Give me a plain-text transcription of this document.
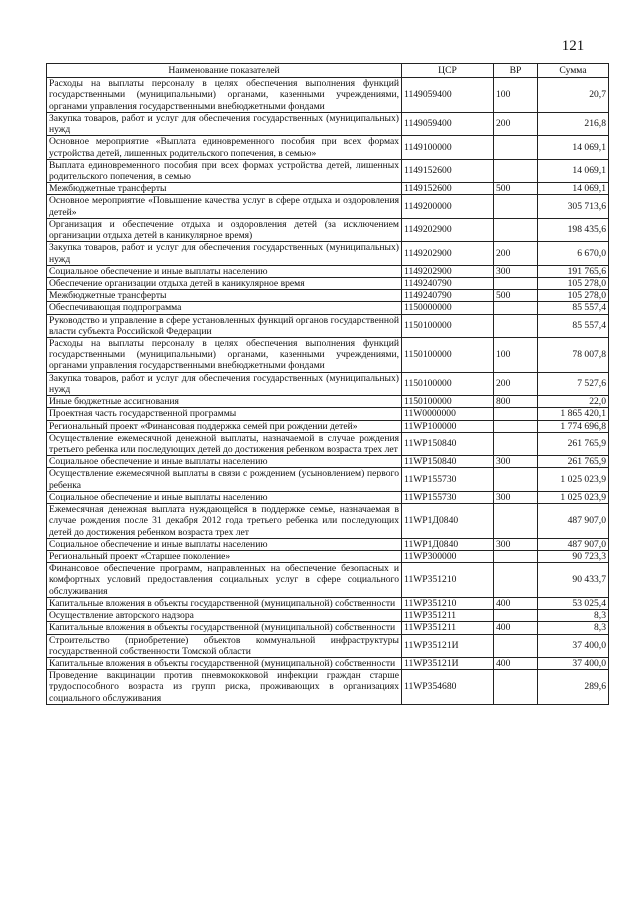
121
Наименование показателей	ЦСР	ВР	Сумма
Расходы на выплаты персоналу в целях обеспечения выполнения функций государственными (муниципальными) органами, казенными учреждениями, органами управления государственными внебюджетными фондами	1149059400	100	20,7
Закупка товаров, работ и услуг для обеспечения государственных (муниципальных) нужд	1149059400	200	216,8
Основное мероприятие «Выплата единовременного пособия при всех формах устройства детей, лишенных родительского попечения, в семью»	1149100000		14 069,1
Выплата единовременного пособия при всех формах устройства детей, лишенных родительского попечения, в семью	1149152600		14 069,1
Межбюджетные трансферты	1149152600	500	14 069,1
Основное мероприятие «Повышение качества услуг в сфере отдыха и оздоровления детей»	1149200000		305 713,6
Организация и обеспечение отдыха и оздоровления детей (за исключением организации отдыха детей в каникулярное время)	1149202900		198 435,6
Закупка товаров, работ и услуг для обеспечения государственных (муниципальных) нужд	1149202900	200	6 670,0
Социальное обеспечение и иные выплаты населению	1149202900	300	191 765,6
Обеспечение организации отдыха детей в каникулярное время	1149240790		105 278,0
Межбюджетные трансферты	1149240790	500	105 278,0
Обеспечивающая подпрограмма	1150000000		85 557,4
Руководство и управление в сфере установленных функций органов государственной власти субъекта Российской Федерации	1150100000		85 557,4
Расходы на выплаты персоналу в целях обеспечения выполнения функций государственными (муниципальными) органами, казенными учреждениями, органами управления государственными внебюджетными фондами	1150100000	100	78 007,8
Закупка товаров, работ и услуг для обеспечения государственных (муниципальных) нужд	1150100000	200	7 527,6
Иные бюджетные ассигнования	1150100000	800	22,0
Проектная часть государственной программы	11W0000000		1 865 420,1
Региональный проект «Финансовая поддержка семей при рождении детей»	11WP100000		1 774 696,8
Осуществление ежемесячной денежной выплаты, назначаемой в случае рождения третьего ребенка или последующих детей до достижения ребенком возраста трех лет	11WP150840		261 765,9
Социальное обеспечение и иные выплаты населению	11WP150840	300	261 765,9
Осуществление ежемесячной выплаты в связи с рождением (усыновлением) первого ребенка	11WP155730		1 025 023,9
Социальное обеспечение и иные выплаты населению	11WP155730	300	1 025 023,9
Ежемесячная денежная выплата нуждающейся в поддержке семье, назначаемая в случае рождения после 31 декабря 2012 года третьего ребенка или последующих детей до достижения ребенком возраста трех лет	11WP1Д0840		487 907,0
Социальное обеспечение и иные выплаты населению	11WP1Д0840	300	487 907,0
Региональный проект «Старшее поколение»	11WP300000		90 723,3
Финансовое обеспечение программ, направленных на обеспечение безопасных и комфортных условий предоставления социальных услуг в сфере социального обслуживания	11WP351210		90 433,7
Капитальные вложения в объекты государственной (муниципальной) собственности	11WP351210	400	53 025,4
Осуществление авторского надзора	11WP351211		8,3
Капитальные вложения в объекты государственной (муниципальной) собственности	11WP351211	400	8,3
Строительство (приобретение) объектов коммунальной инфраструктуры государственной собственности Томской области	11WP35121И		37 400,0
Капитальные вложения в объекты государственной (муниципальной) собственности	11WP35121И	400	37 400,0
Проведение вакцинации против пневмококковой инфекции граждан старше трудоспособного возраста из групп риска, проживающих в организациях социального обслуживания	11WP354680		289,6
